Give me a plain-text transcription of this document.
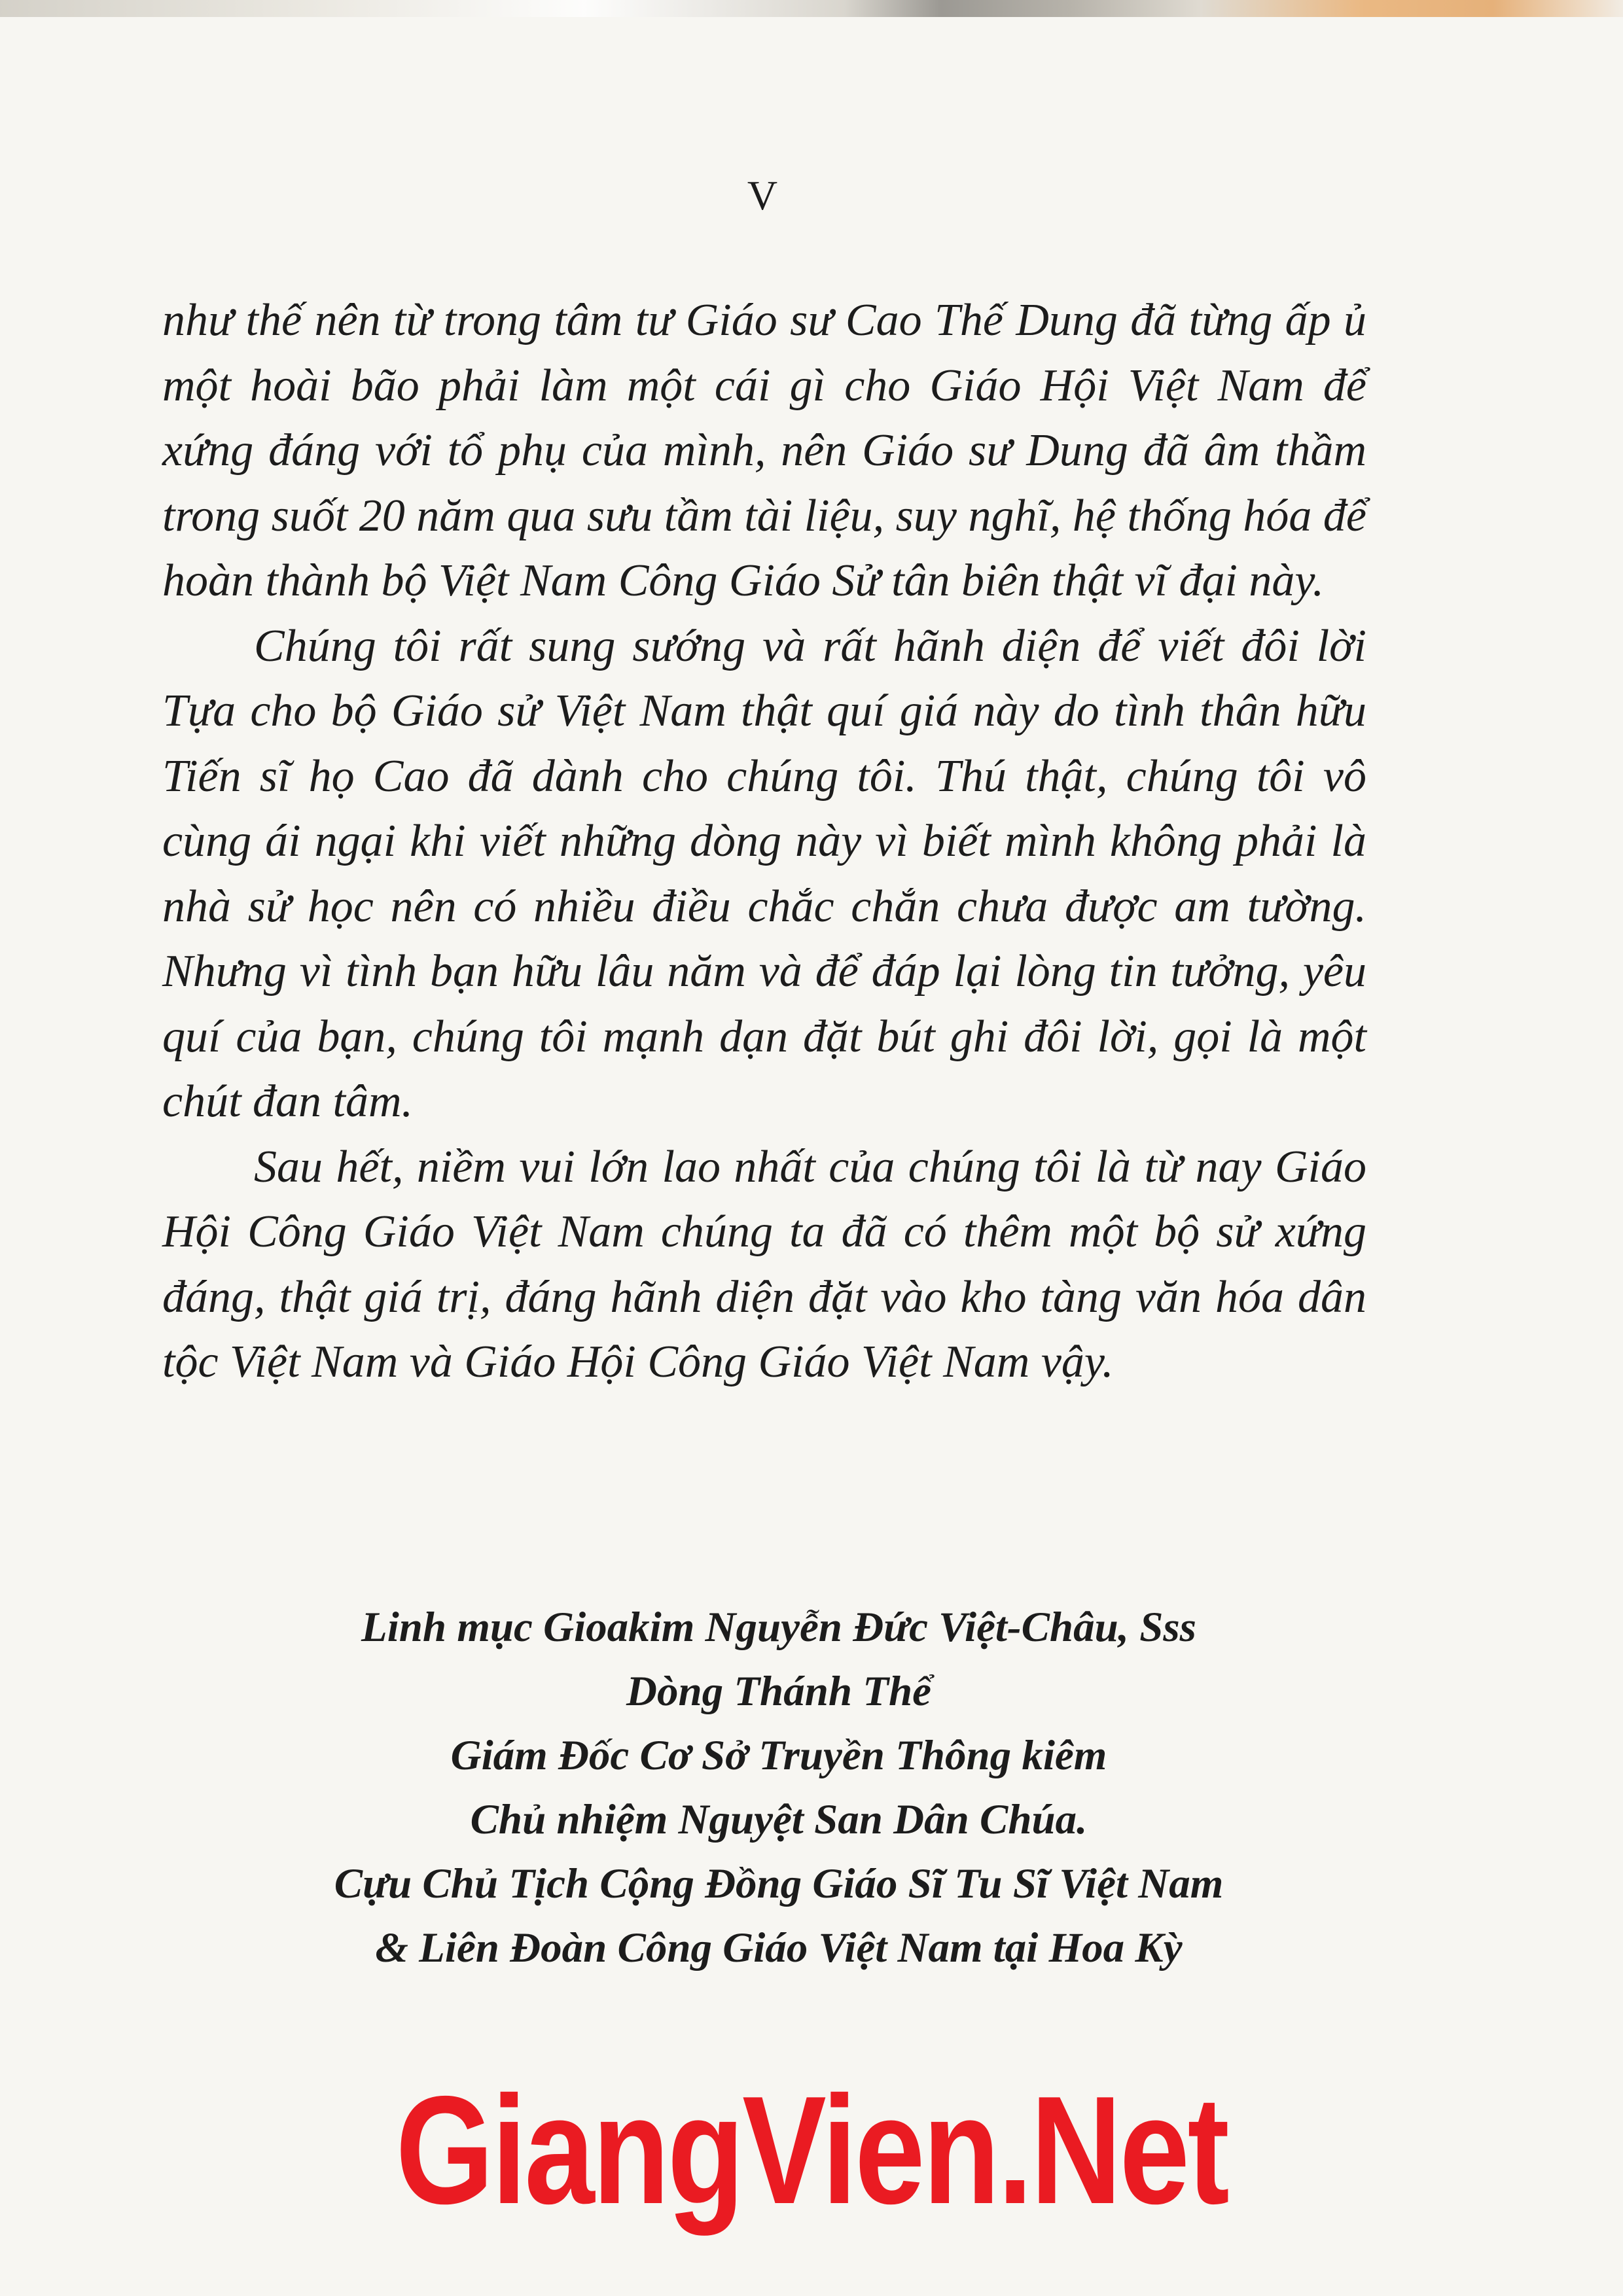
V

như thế nên từ trong tâm tư Giáo sư Cao Thế Dung đã từng ấp ủ một hoài bão phải làm một cái gì cho Giáo Hội Việt Nam để xứng đáng với tổ phụ của mình, nên Giáo sư Dung đã âm thầm trong suốt 20 năm qua sưu tầm tài liệu, suy nghĩ, hệ thống hóa để hoàn thành bộ Việt Nam Công Giáo Sử tân biên thật vĩ đại này.

Chúng tôi rất sung sướng và rất hãnh diện để viết đôi lời Tựa cho bộ Giáo sử Việt Nam thật quí giá này do tình thân hữu Tiến sĩ họ Cao đã dành cho chúng tôi. Thú thật, chúng tôi vô cùng ái ngại khi viết những dòng này vì biết mình không phải là nhà sử học nên có nhiều điều chắc chắn chưa được am tường. Nhưng vì tình bạn hữu lâu năm và để đáp lại lòng tin tưởng, yêu quí của bạn, chúng tôi mạnh dạn đặt bút ghi đôi lời, gọi là một chút đan tâm.

Sau hết, niềm vui lớn lao nhất của chúng tôi là từ nay Giáo Hội Công Giáo Việt Nam chúng ta đã có thêm một bộ sử xứng đáng, thật giá trị, đáng hãnh diện đặt vào kho tàng văn hóa dân tộc Việt Nam và Giáo Hội Công Giáo Việt Nam vậy.

Linh mục Gioakim Nguyễn Đức Việt-Châu, Sss
Dòng Thánh Thể
Giám Đốc Cơ Sở Truyền Thông kiêm
Chủ nhiệm Nguyệt San Dân Chúa.
Cựu Chủ Tịch Cộng Đồng Giáo Sĩ Tu Sĩ Việt Nam
& Liên Đoàn Công Giáo Việt Nam tại Hoa Kỳ
GiangVien.Net
